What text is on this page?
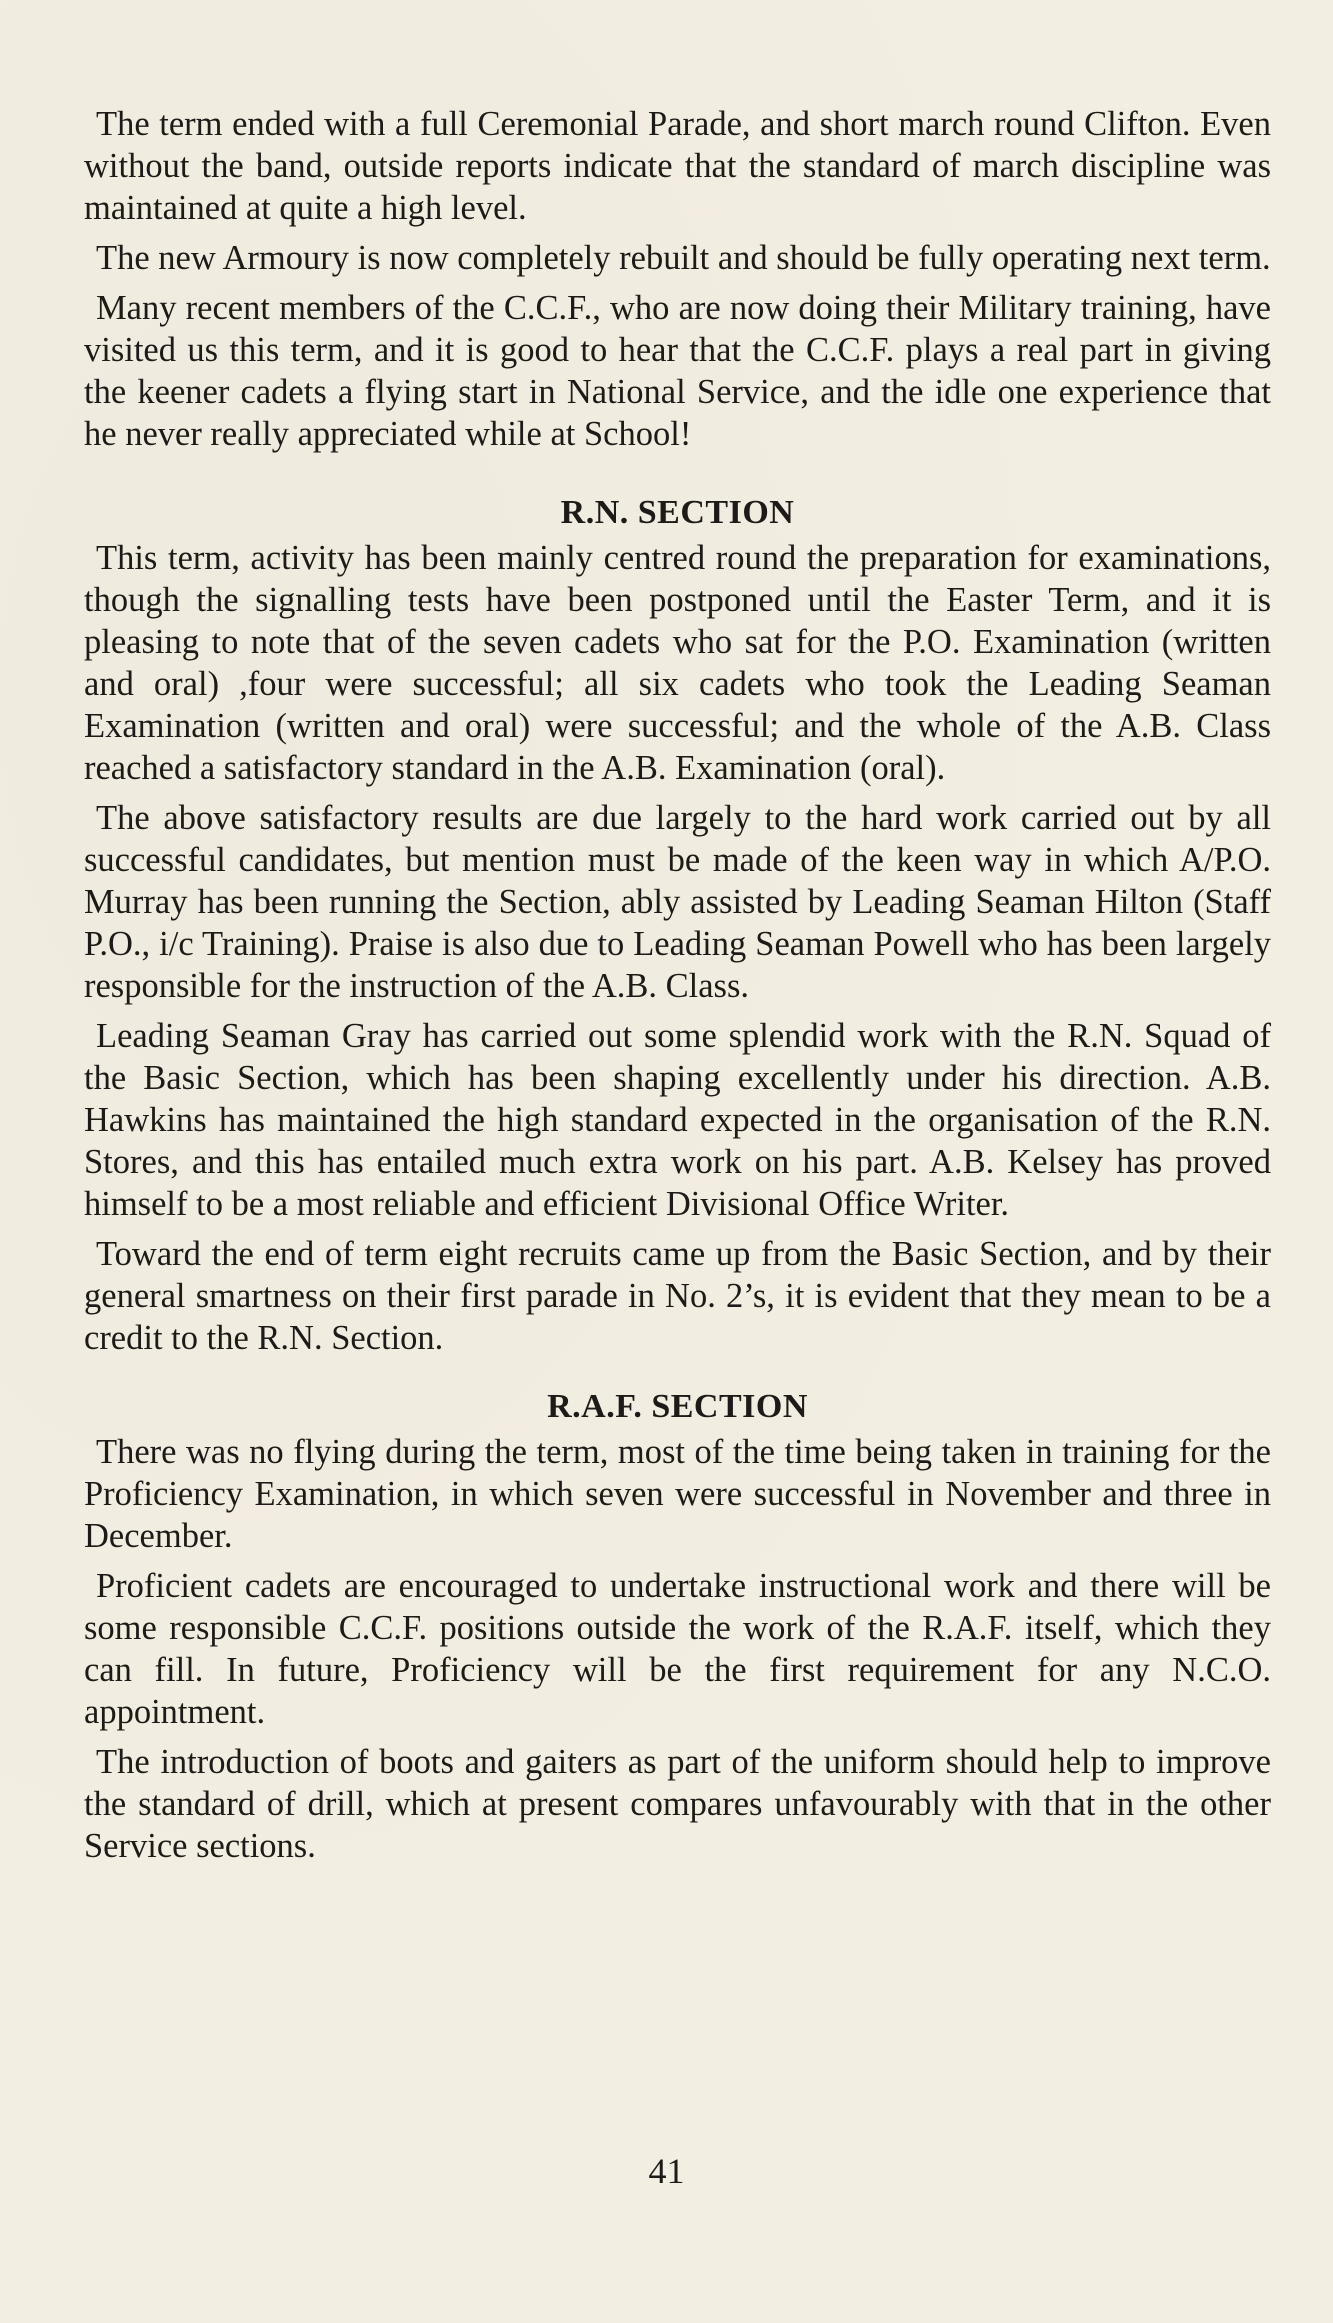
The term ended with a full Ceremonial Parade, and short march round Clifton. Even without the band, outside reports indicate that the standard of march discipline was maintained at quite a high level.

The new Armoury is now completely rebuilt and should be fully operating next term.

Many recent members of the C.C.F., who are now doing their Military training, have visited us this term, and it is good to hear that the C.C.F. plays a real part in giving the keener cadets a flying start in National Service, and the idle one experience that he never really appreciated while at School!

R.N. SECTION

This term, activity has been mainly centred round the preparation for examinations, though the signalling tests have been postponed until the Easter Term, and it is pleasing to note that of the seven cadets who sat for the P.O. Examination (written and oral) ,four were successful; all six cadets who took the Leading Seaman Examination (written and oral) were successful; and the whole of the A.B. Class reached a satisfactory standard in the A.B. Examination (oral).

The above satisfactory results are due largely to the hard work carried out by all successful candidates, but mention must be made of the keen way in which A/P.O. Murray has been running the Section, ably assisted by Leading Seaman Hilton (Staff P.O., i/c Training). Praise is also due to Leading Seaman Powell who has been largely responsible for the instruction of the A.B. Class.

Leading Seaman Gray has carried out some splendid work with the R.N. Squad of the Basic Section, which has been shaping excellently under his direction. A.B. Hawkins has maintained the high standard expected in the organisation of the R.N. Stores, and this has entailed much extra work on his part. A.B. Kelsey has proved himself to be a most reliable and efficient Divisional Office Writer.

Toward the end of term eight recruits came up from the Basic Section, and by their general smartness on their first parade in No. 2’s, it is evident that they mean to be a credit to the R.N. Section.

R.A.F. SECTION

There was no flying during the term, most of the time being taken in training for the Proficiency Examination, in which seven were successful in November and three in December.

Proficient cadets are encouraged to undertake instructional work and there will be some responsible C.C.F. positions outside the work of the R.A.F. itself, which they can fill. In future, Proficiency will be the first requirement for any N.C.O. appointment.

The introduction of boots and gaiters as part of the uniform should help to improve the standard of drill, which at present compares unfavourably with that in the other Service sections.

41
